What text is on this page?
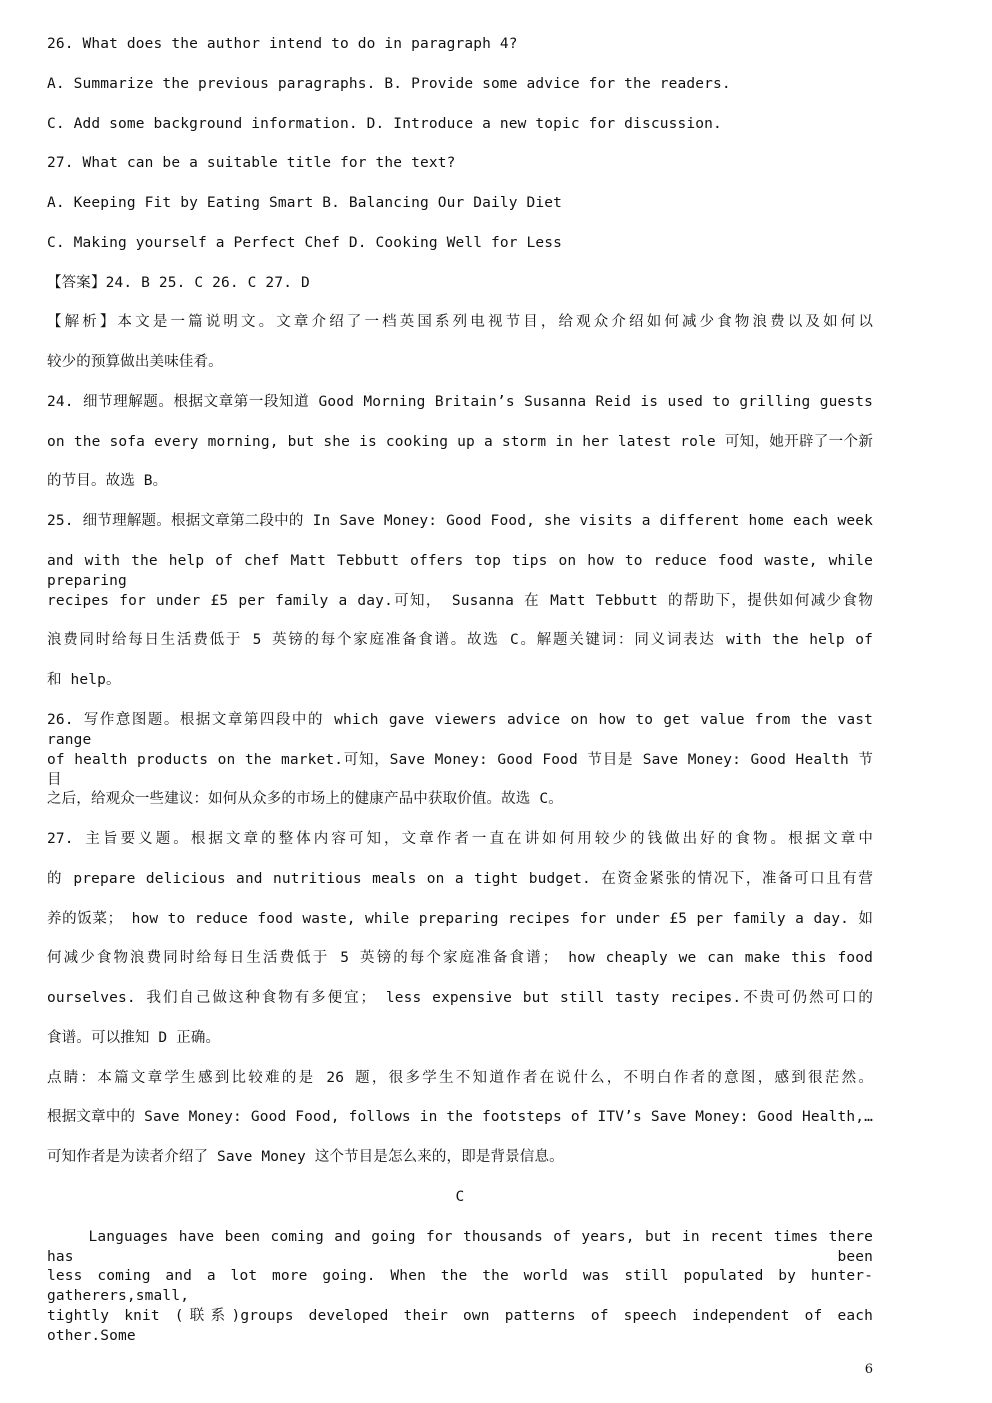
26. What does the author intend to do in paragraph 4?
A. Summarize the previous paragraphs. B. Provide some advice for the readers.
C. Add some background information. D. Introduce a new topic for discussion.
27. What can be a suitable title for the text?
A. Keeping Fit by Eating Smart B. Balancing Our Daily Diet
C. Making yourself a Perfect Chef D. Cooking Well for Less
【答案】24. B 25. C 26. C 27. D
【解析】本文是一篇说明文。文章介绍了一档英国系列电视节目，给观众介绍如何减少食物浪费以及如何以
较少的预算做出美味佳肴。
24. 细节理解题。根据文章第一段知道 Good Morning Britain’s Susanna Reid is used to grilling guests
on the sofa every morning, but she is cooking up a storm in her latest role 可知，她开辟了一个新
的节目。故选 B。
25. 细节理解题。根据文章第二段中的 In Save Money: Good Food, she visits a different home each week
and with the help of chef Matt Tebbutt offers top tips on how to reduce food waste, while preparing
recipes for under £5 per family a day.可知， Susanna 在 Matt Tebbutt 的帮助下，提供如何减少食物
浪费同时给每日生活费低于 5 英镑的每个家庭准备食谱。故选 C。解题关键词：同义词表达 with the help of
和 help。
26. 写作意图题。根据文章第四段中的 which gave viewers advice on how to get value from the vast range
of health products on the market.可知，Save Money: Good Food 节目是 Save Money: Good Health 节目
之后，给观众一些建议：如何从众多的市场上的健康产品中获取价值。故选 C。
27. 主旨要义题。根据文章的整体内容可知，文章作者一直在讲如何用较少的钱做出好的食物。根据文章中
的 prepare delicious and nutritious meals on a tight budget. 在资金紧张的情况下，准备可口且有营
养的饭菜； how to reduce food waste, while preparing recipes for under £5 per family a day. 如
何减少食物浪费同时给每日生活费低于 5 英镑的每个家庭准备食谱； how cheaply we can make this food
ourselves. 我们自己做这种食物有多便宜； less expensive but still tasty recipes.不贵可仍然可口的
食谱。可以推知 D 正确。
点睛：本篇文章学生感到比较难的是 26 题，很多学生不知道作者在说什么，不明白作者的意图，感到很茫然。
根据文章中的 Save Money: Good Food, follows in the footsteps of ITV’s Save Money: Good Health,…
可知作者是为读者介绍了 Save Money 这个节目是怎么来的，即是背景信息。
C
Languages have been coming and going for thousands of years, but in recent times there has been
less coming and a lot more going. When the the world was still populated by hunter-gatherers,small,
tightly knit (联系)groups developed their own patterns of speech independent of each other.Some
6
